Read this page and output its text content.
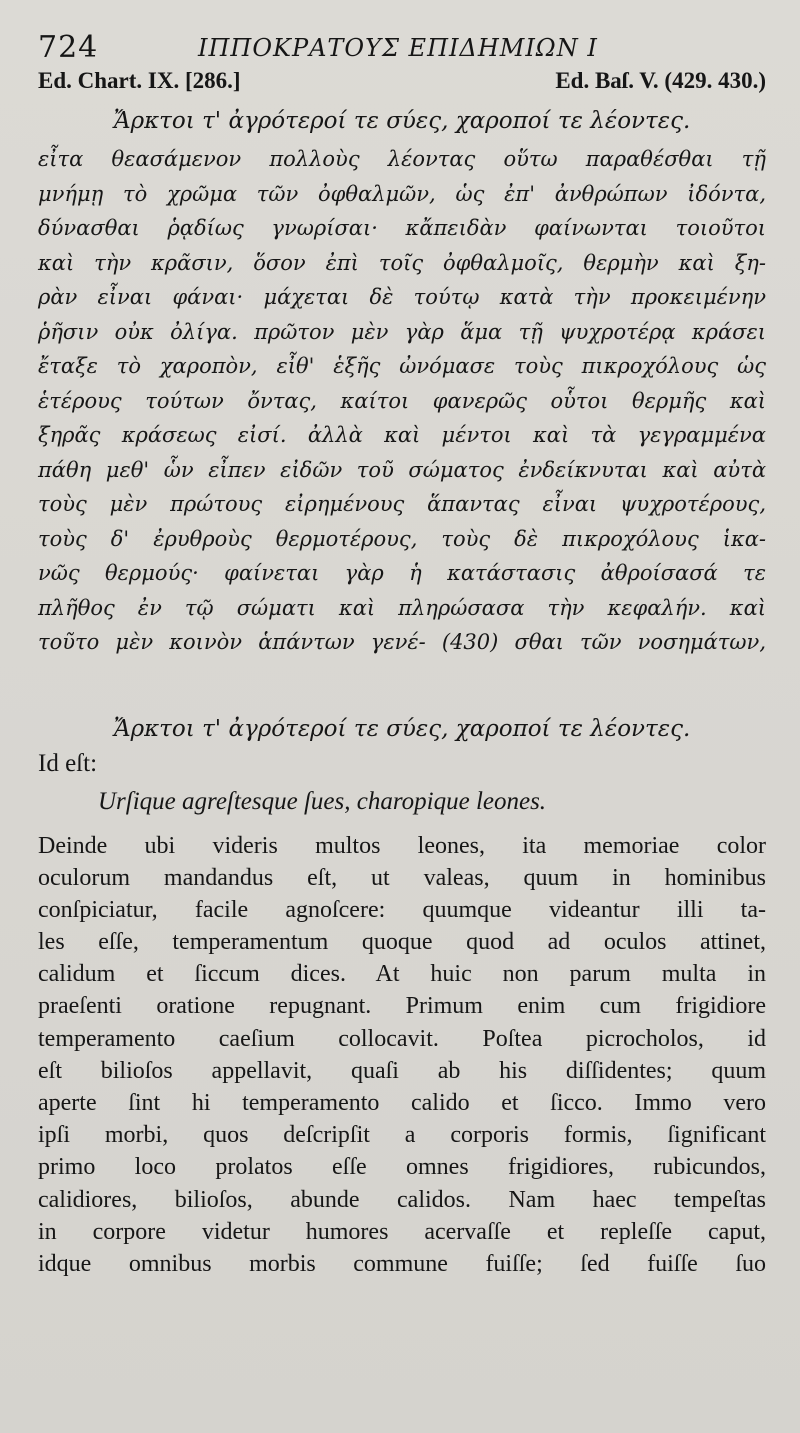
724	ΙΠΠΟΚΡΑΤΟΥΣ ΕΠΙΔΗΜΙΩΝ Ι
Ed. Chart. IX. [286.]	Ed. Baſ. V. (429. 430.)
Ἄρκτοι τ' ἀγρότεροί τε σύες, χαροποί τε λέοντες.
εἶτα θεασάμενον πολλοὺς λέοντας οὕτω παραθέσθαι τῇ
μνήμῃ τὸ χρῶμα τῶν ὀφθαλμῶν, ὡς ἐπ' ἀνθρώπων ἰδόντα,
δύνασθαι ῥᾳδίως γνωρίσαι· κἄπειδὰν φαίνωνται τοιοῦτοι
καὶ τὴν κρᾶσιν, ὅσον ἐπὶ τοῖς ὀφθαλμοῖς, θερμὴν καὶ ξη-
ρὰν εἶναι φάναι· μάχεται δὲ τούτῳ κατὰ τὴν προκειμένην
ῥῆσιν οὐκ ὀλίγα. πρῶτον μὲν γὰρ ἅμα τῇ ψυχροτέρᾳ κράσει
ἔταξε τὸ χαροπὸν, εἶθ' ἑξῆς ὠνόμασε τοὺς πικροχόλους ὡς
ἑτέρους τούτων ὄντας, καίτοι φανερῶς οὗτοι θερμῆς καὶ
ξηρᾶς κράσεως εἰσί. ἀλλὰ καὶ μέντοι καὶ τὰ γεγραμμένα
πάθη μεθ' ὧν εἶπεν εἰδῶν τοῦ σώματος ἐνδείκνυται καὶ αὐτὰ
τοὺς μὲν πρώτους εἰρημένους ἅπαντας εἶναι ψυχροτέρους,
τοὺς δ' ἐρυθροὺς θερμοτέρους, τοὺς δὲ πικροχόλους ἱκα-
νῶς θερμούς· φαίνεται γὰρ ἡ κατάστασις ἀθροίσασά τε
πλῆθος ἐν τῷ σώματι καὶ πληρώσασα τὴν κεφαλήν. καὶ
τοῦτο μὲν κοινὸν ἁπάντων γενέ- (430) σθαι τῶν νοσημάτων,
Ἄρκτοι τ' ἀγρότεροί τε σύες, χαροποί τε λέοντες.
Id eſt:
Urſique agreſtesque ſues, charopique leones.
Deinde ubi videris multos leones, ita memoriae color
oculorum mandandus eſt, ut valeas, quum in hominibus
conſpiciatur, facile agnoſcere: quumque videantur illi ta-
les eſſe, temperamentum quoque quod ad oculos attinet,
calidum et ſiccum dices. At huic non parum multa in
praeſenti oratione repugnant. Primum enim cum frigidiore
temperamento caeſium collocavit. Poſtea picrocholos, id
eſt bilioſos appellavit, quaſi ab his diſſidentes; quum
aperte ſint hi temperamento calido et ſicco. Immo vero
ipſi morbi, quos deſcripſit a corporis formis, ſignificant
primo loco prolatos eſſe omnes frigidiores, rubicundos,
calidiores, bilioſos, abunde calidos. Nam haec tempeſtas
in corpore videtur humores acervaſſe et repleſſe caput,
idque omnibus morbis commune fuiſſe; ſed fuiſſe ſuo
